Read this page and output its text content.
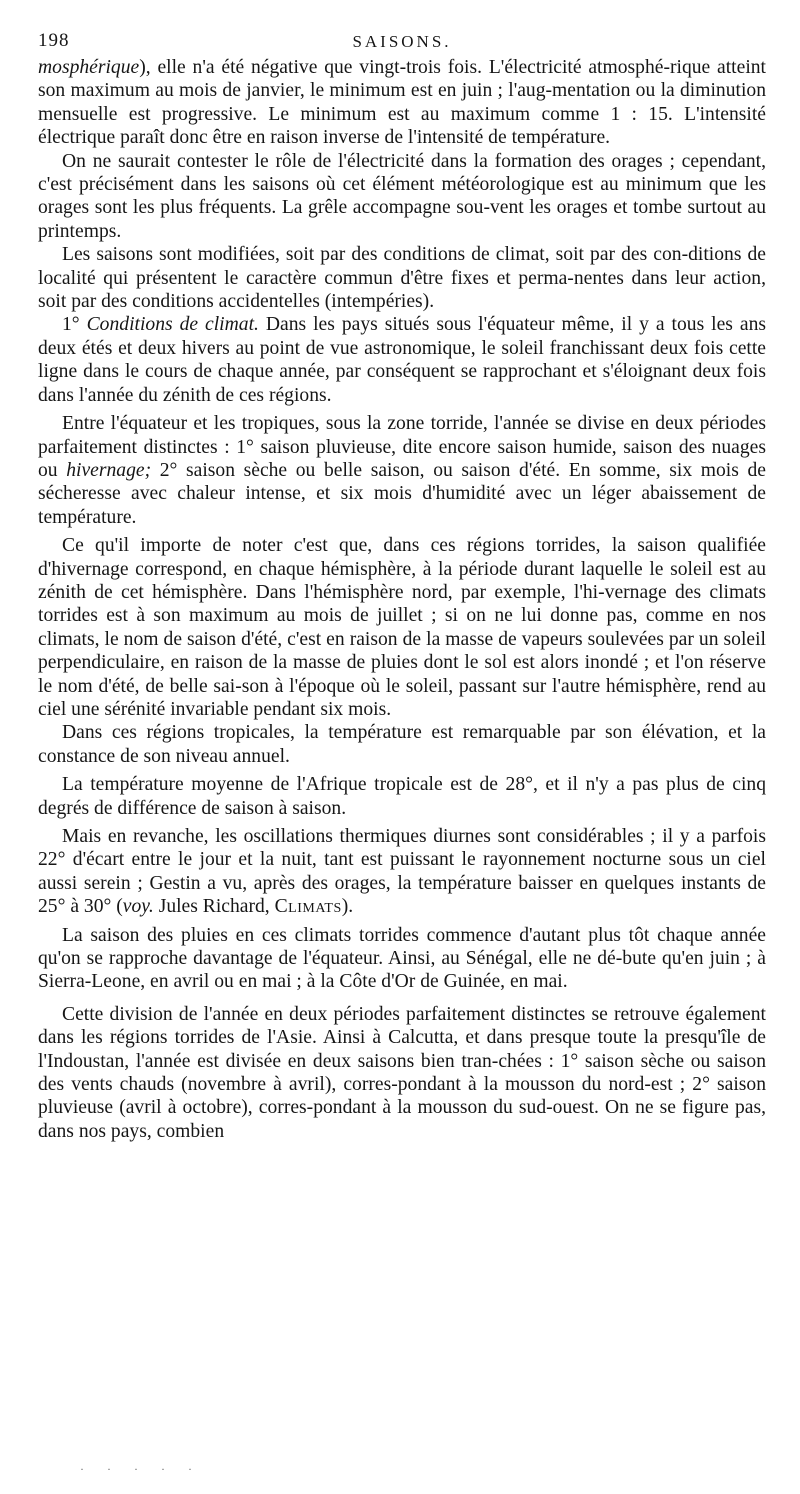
198	SAISONS.

mosphérique), elle n'a été négative que vingt-trois fois. L'électricité atmosphé-rique atteint son maximum au mois de janvier, le minimum est en juin ; l'aug-mentation ou la diminution mensuelle est progressive. Le minimum est au maximum comme 1 : 15. L'intensité électrique paraît donc être en raison inverse de l'intensité de température.

On ne saurait contester le rôle de l'électricité dans la formation des orages ; cependant, c'est précisément dans les saisons où cet élément météorologique est au minimum que les orages sont les plus fréquents. La grêle accompagne sou-vent les orages et tombe surtout au printemps.

Les saisons sont modifiées, soit par des conditions de climat, soit par des con-ditions de localité qui présentent le caractère commun d'être fixes et perma-nentes dans leur action, soit par des conditions accidentelles (intempéries).

1° Conditions de climat. Dans les pays situés sous l'équateur même, il y a tous les ans deux étés et deux hivers au point de vue astronomique, le soleil franchissant deux fois cette ligne dans le cours de chaque année, par conséquent se rapprochant et s'éloignant deux fois dans l'année du zénith de ces régions.

Entre l'équateur et les tropiques, sous la zone torride, l'année se divise en deux périodes parfaitement distinctes : 1° saison pluvieuse, dite encore saison humide, saison des nuages ou hivernage; 2° saison sèche ou belle saison, ou saison d'été. En somme, six mois de sécheresse avec chaleur intense, et six mois d'humidité avec un léger abaissement de température.

Ce qu'il importe de noter c'est que, dans ces régions torrides, la saison qualifiée d'hivernage correspond, en chaque hémisphère, à la période durant laquelle le soleil est au zénith de cet hémisphère. Dans l'hémisphère nord, par exemple, l'hi-vernage des climats torrides est à son maximum au mois de juillet ; si on ne lui donne pas, comme en nos climats, le nom de saison d'été, c'est en raison de la masse de vapeurs soulevées par un soleil perpendiculaire, en raison de la masse de pluies dont le sol est alors inondé ; et l'on réserve le nom d'été, de belle sai-son à l'époque où le soleil, passant sur l'autre hémisphère, rend au ciel une sérénité invariable pendant six mois.

Dans ces régions tropicales, la température est remarquable par son élévation, et la constance de son niveau annuel.

La température moyenne de l'Afrique tropicale est de 28°, et il n'y a pas plus de cinq degrés de différence de saison à saison.

Mais en revanche, les oscillations thermiques diurnes sont considérables ; il y a parfois 22° d'écart entre le jour et la nuit, tant est puissant le rayonnement nocturne sous un ciel aussi serein ; Gestin a vu, après des orages, la température baisser en quelques instants de 25° à 30° (voy. Jules Richard, Climats).

La saison des pluies en ces climats torrides commence d'autant plus tôt chaque année qu'on se rapproche davantage de l'équateur. Ainsi, au Sénégal, elle ne dé-bute qu'en juin ; à Sierra-Leone, en avril ou en mai ; à la Côte d'Or de Guinée, en mai.

Cette division de l'année en deux périodes parfaitement distinctes se retrouve également dans les régions torrides de l'Asie. Ainsi à Calcutta, et dans presque toute la presqu'île de l'Indoustan, l'année est divisée en deux saisons bien tran-chées : 1° saison sèche ou saison des vents chauds (novembre à avril), corres-pondant à la mousson du nord-est ; 2° saison pluvieuse (avril à octobre), corres-pondant à la mousson du sud-ouest. On ne se figure pas, dans nos pays, combien

· · · · ·
